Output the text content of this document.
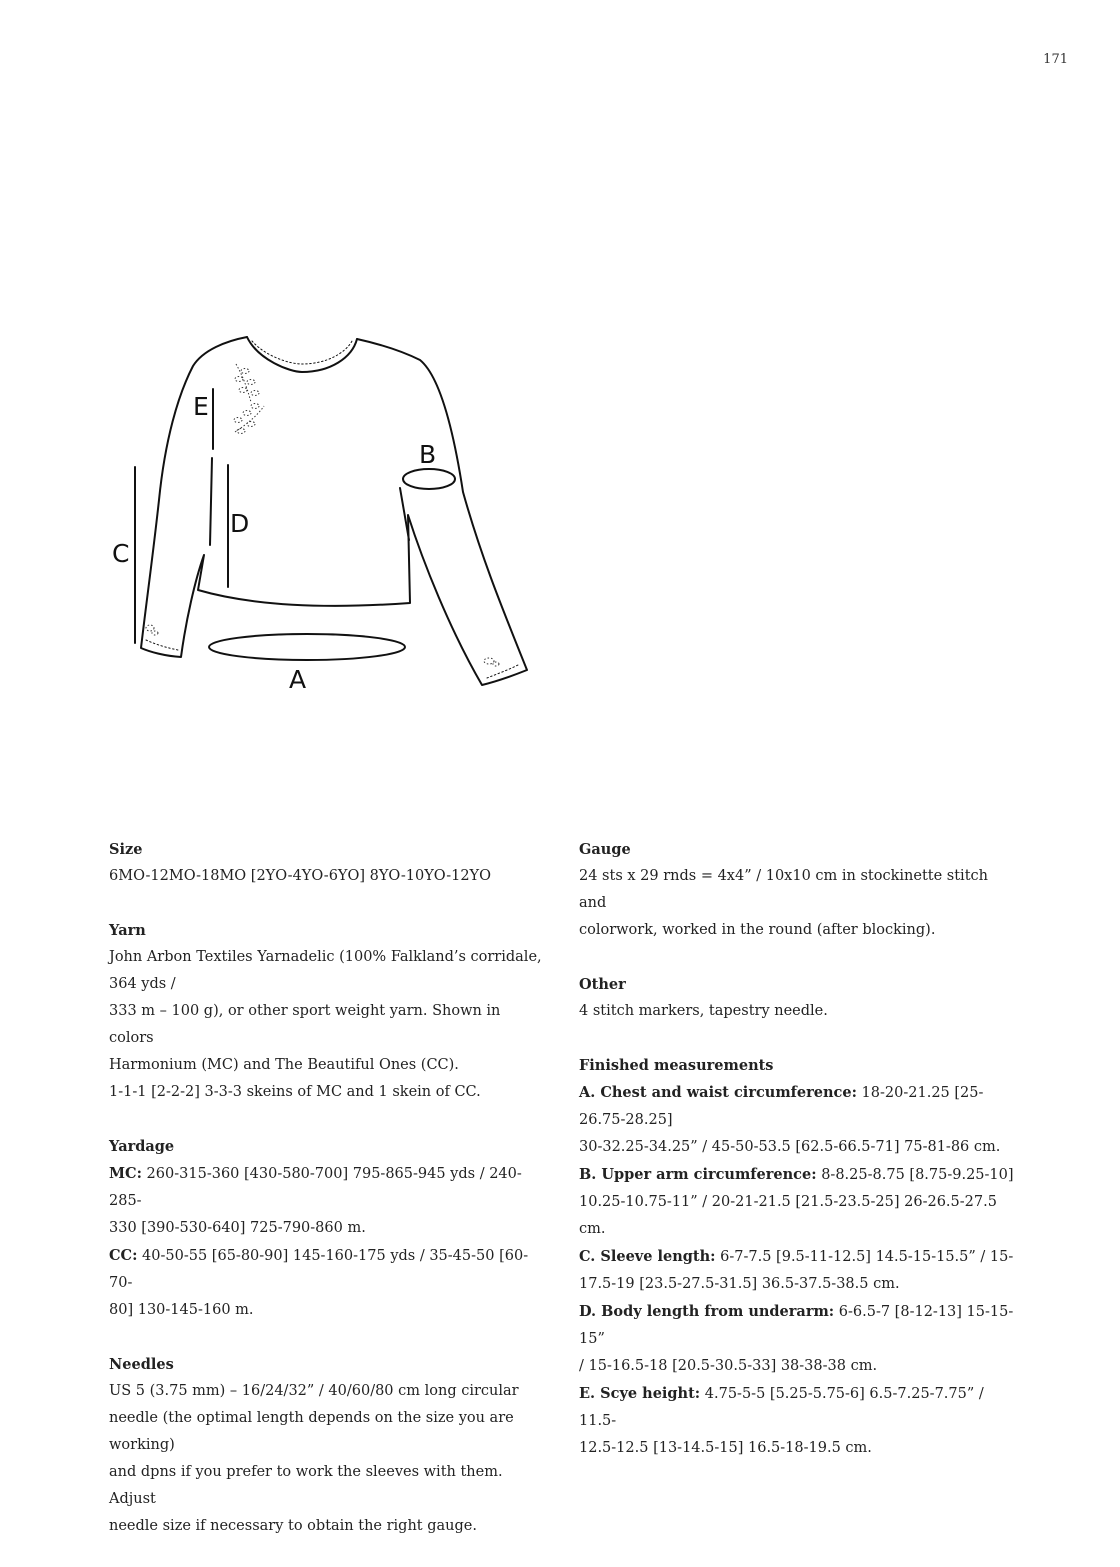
171
E
D
C
B
A
Size

6MO-12MO-18MO [2YO-4YO-6YO] 8YO-10YO-12YO

Yarn

John Arbon Textiles Yarnadelic (100% Falkland’s corridale, 364 yds /

333 m – 100 g), or other sport weight yarn. Shown in colors

Harmonium (MC) and The Beautiful Ones (CC).

1-1-1 [2-2-2] 3-3-3 skeins of MC and 1 skein of CC.

Yardage

MC: 260-315-360 [430-580-700] 795-865-945 yds / 240-285-

330 [390-530-640] 725-790-860 m.

CC: 40-50-55 [65-80-90] 145-160-175 yds / 35-45-50 [60-70-

80] 130-145-160 m.

Needles

US 5 (3.75 mm) – 16/24/32” / 40/60/80 cm long circular

needle (the optimal length depends on the size you are working)

and dpns if you prefer to work the sleeves with them. Adjust

needle size if necessary to obtain the right gauge.

Gauge

24 sts x 29 rnds = 4x4” / 10x10 cm in stockinette stitch and

colorwork, worked in the round (after blocking).

Other

4 stitch markers, tapestry needle.

Finished measurements

A. Chest and waist circumference: 18-20-21.25 [25-26.75-28.25]

30-32.25-34.25” / 45-50-53.5 [62.5-66.5-71] 75-81-86 cm.

B. Upper arm circumference: 8-8.25-8.75 [8.75-9.25-10]

10.25-10.75-11” / 20-21-21.5 [21.5-23.5-25] 26-26.5-27.5 cm.

C. Sleeve length: 6-7-7.5 [9.5-11-12.5] 14.5-15-15.5” / 15-

17.5-19 [23.5-27.5-31.5] 36.5-37.5-38.5 cm.

D. Body length from underarm: 6-6.5-7 [8-12-13] 15-15-15”

/ 15-16.5-18 [20.5-30.5-33] 38-38-38 cm.

E. Scye height: 4.75-5-5 [5.25-5.75-6] 6.5-7.25-7.75” / 11.5-

12.5-12.5 [13-14.5-15] 16.5-18-19.5 cm.
